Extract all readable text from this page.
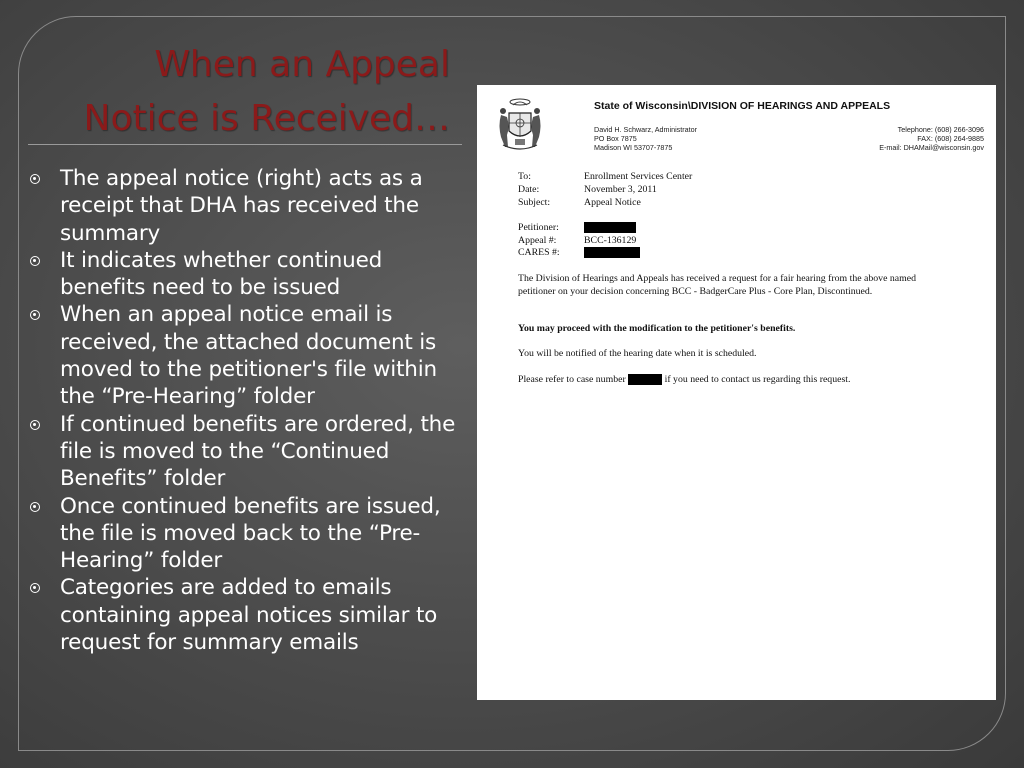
When an Appeal
Notice is Received…
The appeal notice (right) acts as a receipt that DHA has received the summary
It indicates whether continued benefits need to be issued
When an appeal notice email is received, the attached document is moved to the petitioner's file within the “Pre-Hearing” folder
If continued benefits are ordered, the file is moved to the “Continued Benefits” folder
Once continued benefits are issued, the file is moved back to the “Pre-Hearing” folder
Categories are added to emails containing appeal notices similar to request for summary emails
State of Wisconsin\DIVISION OF HEARINGS AND APPEALS
David H. Schwarz, Administrator
PO Box 7875
Madison WI 53707-7875
Telephone: (608) 266-3096
FAX: (608) 264-9885
E-mail: DHAMail@wisconsin.gov
To:	Enrollment Services Center
Date:	November 3, 2011
Subject:	Appeal Notice
Petitioner:
Appeal #:	BCC-136129
CARES #:
The Division of Hearings and Appeals has received a request for a fair hearing from the above named petitioner on your decision concerning BCC - BadgerCare Plus - Core Plan, Discontinued.
You may proceed with the modification to the petitioner's benefits.
You will be notified of the hearing date when it is scheduled.
Please refer to case number	if you need to contact us regarding this request.
